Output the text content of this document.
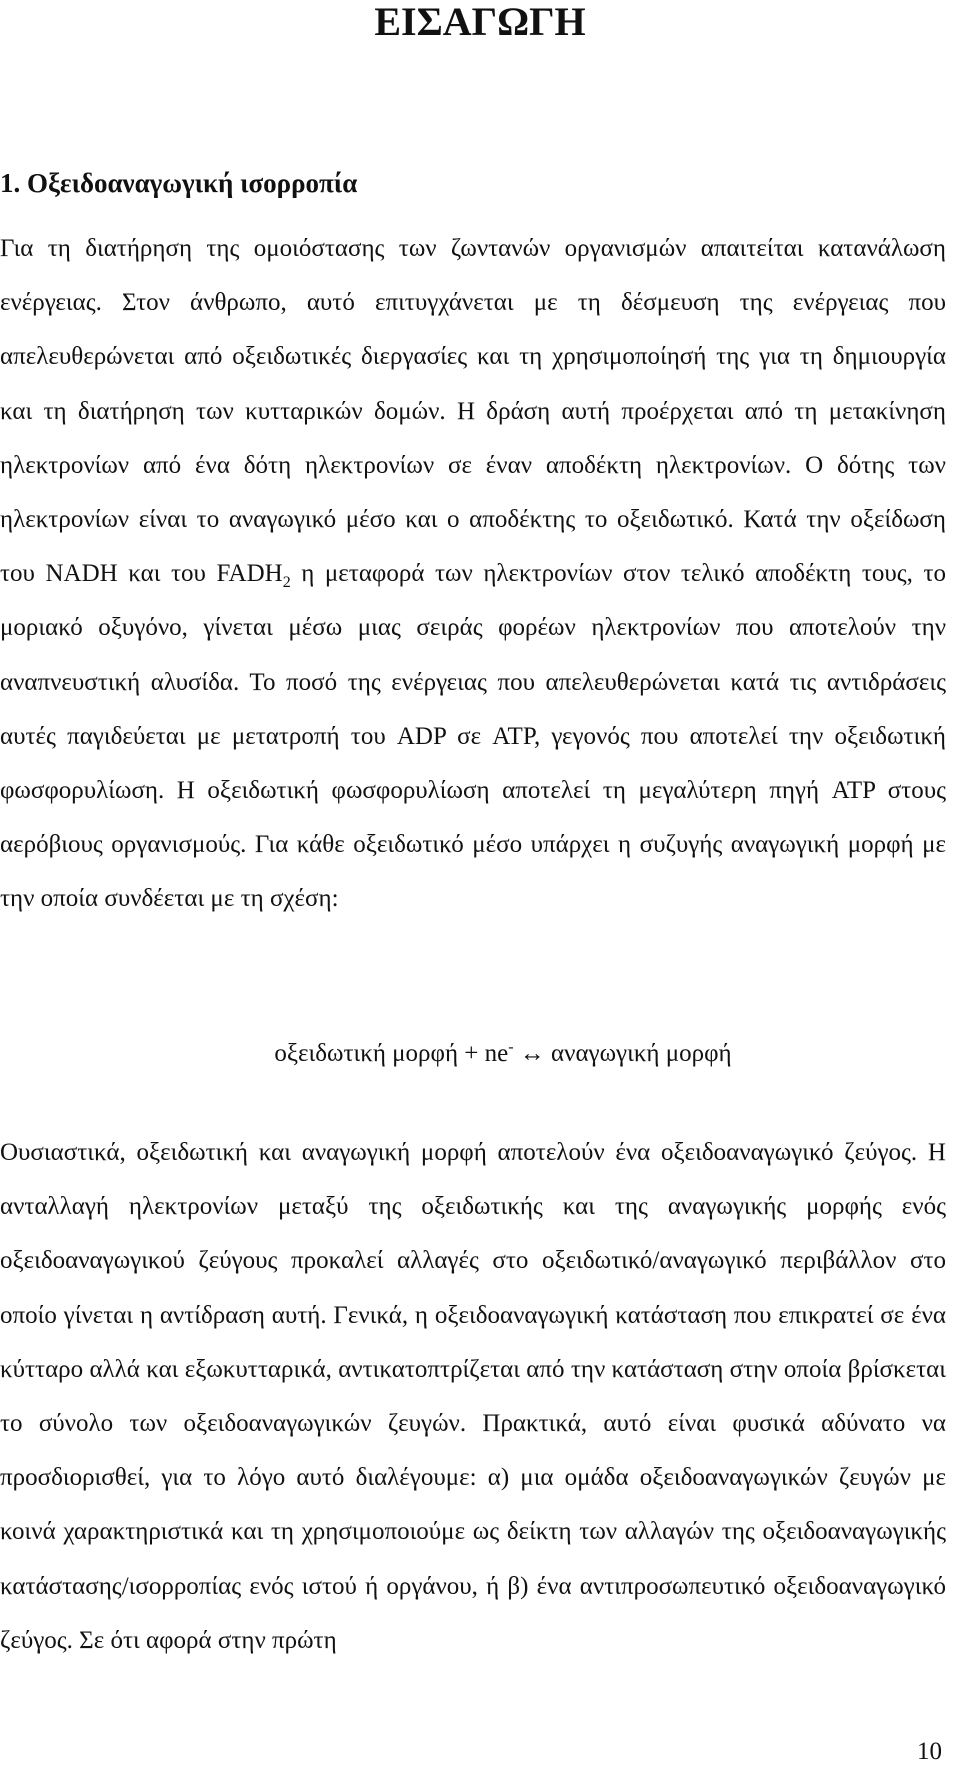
ΕΙΣΑΓΩΓΗ
1. Οξειδοαναγωγική ισορροπία

Για τη διατήρηση της ομοιόστασης των ζωντανών οργανισμών απαιτείται κατανάλωση ενέργειας. Στον άνθρωπο, αυτό επιτυγχάνεται με τη δέσμευση της ενέργειας που απελευθερώνεται από οξειδωτικές διεργασίες και τη χρησιμοποίησή της για τη δημιουργία και τη διατήρηση των κυτταρικών δομών. Η δράση αυτή προέρχεται από τη μετακίνηση ηλεκτρονίων από ένα δότη ηλεκτρονίων σε έναν αποδέκτη ηλεκτρονίων. Ο δότης των ηλεκτρονίων είναι το αναγωγικό μέσο και ο αποδέκτης το οξειδωτικό. Κατά την οξείδωση του NADH και του $FADH_2$ η μεταφορά των ηλεκτρονίων στον τελικό αποδέκτη τους, το μοριακό οξυγόνο, γίνεται μέσω μιας σειράς φορέων ηλεκτρονίων που αποτελούν την αναπνευστική αλυσίδα. Το ποσό της ενέργειας που απελευθερώνεται κατά τις αντιδράσεις αυτές παγιδεύεται με μετατροπή του ADP σε ATP, γεγονός που αποτελεί την οξειδωτική φωσφορυλίωση. Η οξειδωτική φωσφορυλίωση αποτελεί τη μεγαλύτερη πηγή ATP στους αερόβιους οργανισμούς. Για κάθε οξειδωτικό μέσο υπάρχει η συζυγής αναγωγική μορφή με την οποία συνδέεται με τη σχέση:

οξειδωτική μορφή + ne- ↔ αναγωγική μορφή

Ουσιαστικά, οξειδωτική και αναγωγική μορφή αποτελούν ένα οξειδοαναγωγικό ζεύγος. Η ανταλλαγή ηλεκτρονίων μεταξύ της οξειδωτικής και της αναγωγικής μορφής ενός οξειδοαναγωγικού ζεύγους προκαλεί αλλαγές στο οξειδωτικό/αναγωγικό περιβάλλον στο οποίο γίνεται η αντίδραση αυτή. Γενικά, η οξειδοαναγωγική κατάσταση που επικρατεί σε ένα κύτταρο αλλά και εξωκυτταρικά, αντικατοπτρίζεται από την κατάσταση στην οποία βρίσκεται το σύνολο των οξειδοαναγωγικών ζευγών. Πρακτικά, αυτό είναι φυσικά αδύνατο να προσδιορισθεί, για το λόγο αυτό διαλέγουμε: α) μια ομάδα οξειδοαναγωγικών ζευγών με κοινά χαρακτηριστικά και τη χρησιμοποιούμε ως δείκτη των αλλαγών της οξειδοαναγωγικής κατάστασης/ισορροπίας ενός ιστού ή οργάνου, ή β) ένα αντιπροσωπευτικό οξειδοαναγωγικό ζεύγος. Σε ότι αφορά στην πρώτη

10
